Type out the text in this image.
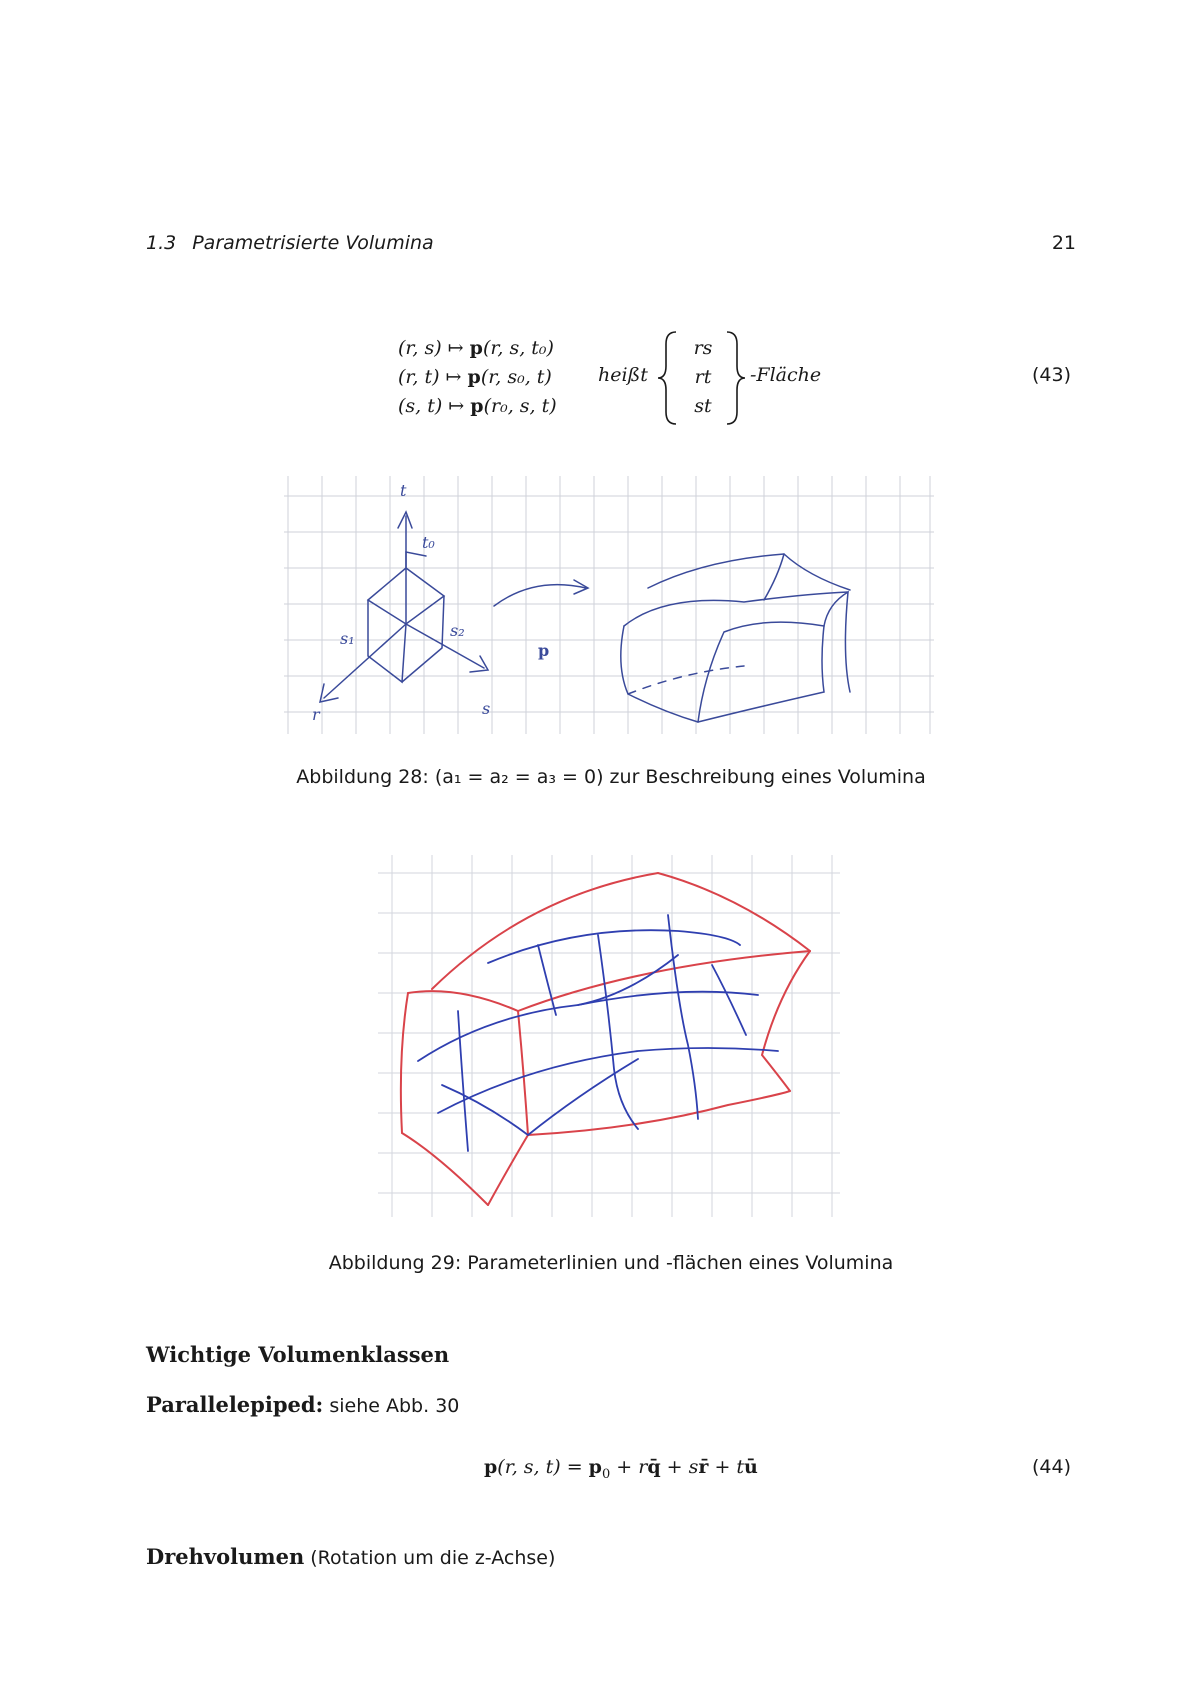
1.3 Parametrisierte Volumina	21
(r, s) ↦ p(r, s, t₀)
(r, t) ↦ p(r, s₀, t)
(s, t) ↦ p(r₀, s, t)
heißt
rs
rt
st
-Fläche	(43)
t
t₀
s₁	s₂
r	s
p
Abbildung 28: (a₁ = a₂ = a₃ = 0) zur Beschreibung eines Volumina
Abbildung 29: Parameterlinien und -flächen eines Volumina
Wichtige Volumenklassen
Parallelepiped: siehe Abb. 30
p(r, s, $t) = p_0$ + rq̄ + sr̄ + tū	(44)
Drehvolumen (Rotation um die z-Achse)
